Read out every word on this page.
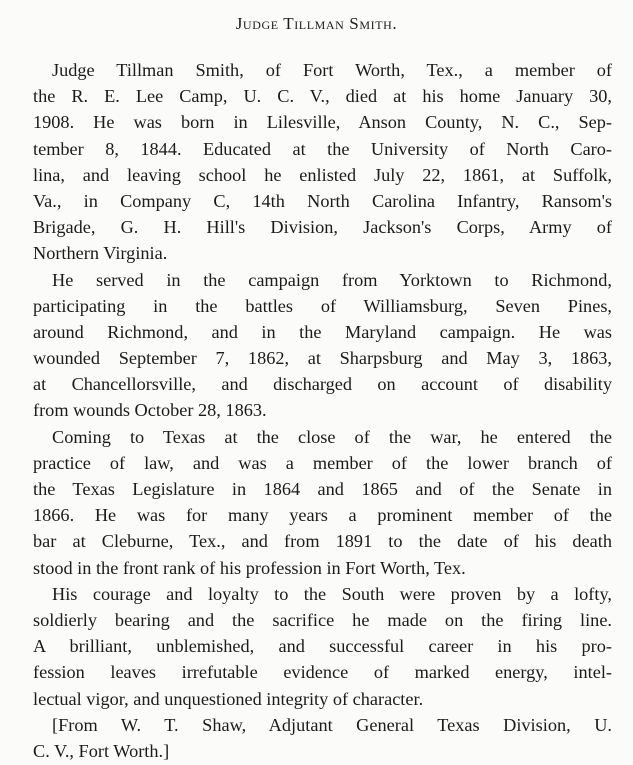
Judge Tillman Smith.
Judge Tillman Smith, of Fort Worth, Tex., a member of
the R. E. Lee Camp, U. C. V., died at his home January 30,
1908. He was born in Lilesville, Anson County, N. C., Sep-
tember 8, 1844. Educated at the University of North Caro-
lina, and leaving school he enlisted July 22, 1861, at Suffolk,
Va., in Company C, 14th North Carolina Infantry, Ransom's
Brigade, G. H. Hill's Division, Jackson's Corps, Army of
Northern Virginia.
He served in the campaign from Yorktown to Richmond,
participating in the battles of Williamsburg, Seven Pines,
around Richmond, and in the Maryland campaign. He was
wounded September 7, 1862, at Sharpsburg and May 3, 1863,
at Chancellorsville, and discharged on account of disability
from wounds October 28, 1863.
Coming to Texas at the close of the war, he entered the
practice of law, and was a member of the lower branch of
the Texas Legislature in 1864 and 1865 and of the Senate in
1866. He was for many years a prominent member of the
bar at Cleburne, Tex., and from 1891 to the date of his death
stood in the front rank of his profession in Fort Worth, Tex.
His courage and loyalty to the South were proven by a lofty,
soldierly bearing and the sacrifice he made on the firing line.
A brilliant, unblemished, and successful career in his pro-
fession leaves irrefutable evidence of marked energy, intel-
lectual vigor, and unquestioned integrity of character.
[From W. T. Shaw, Adjutant General Texas Division, U.
C. V., Fort Worth.]
